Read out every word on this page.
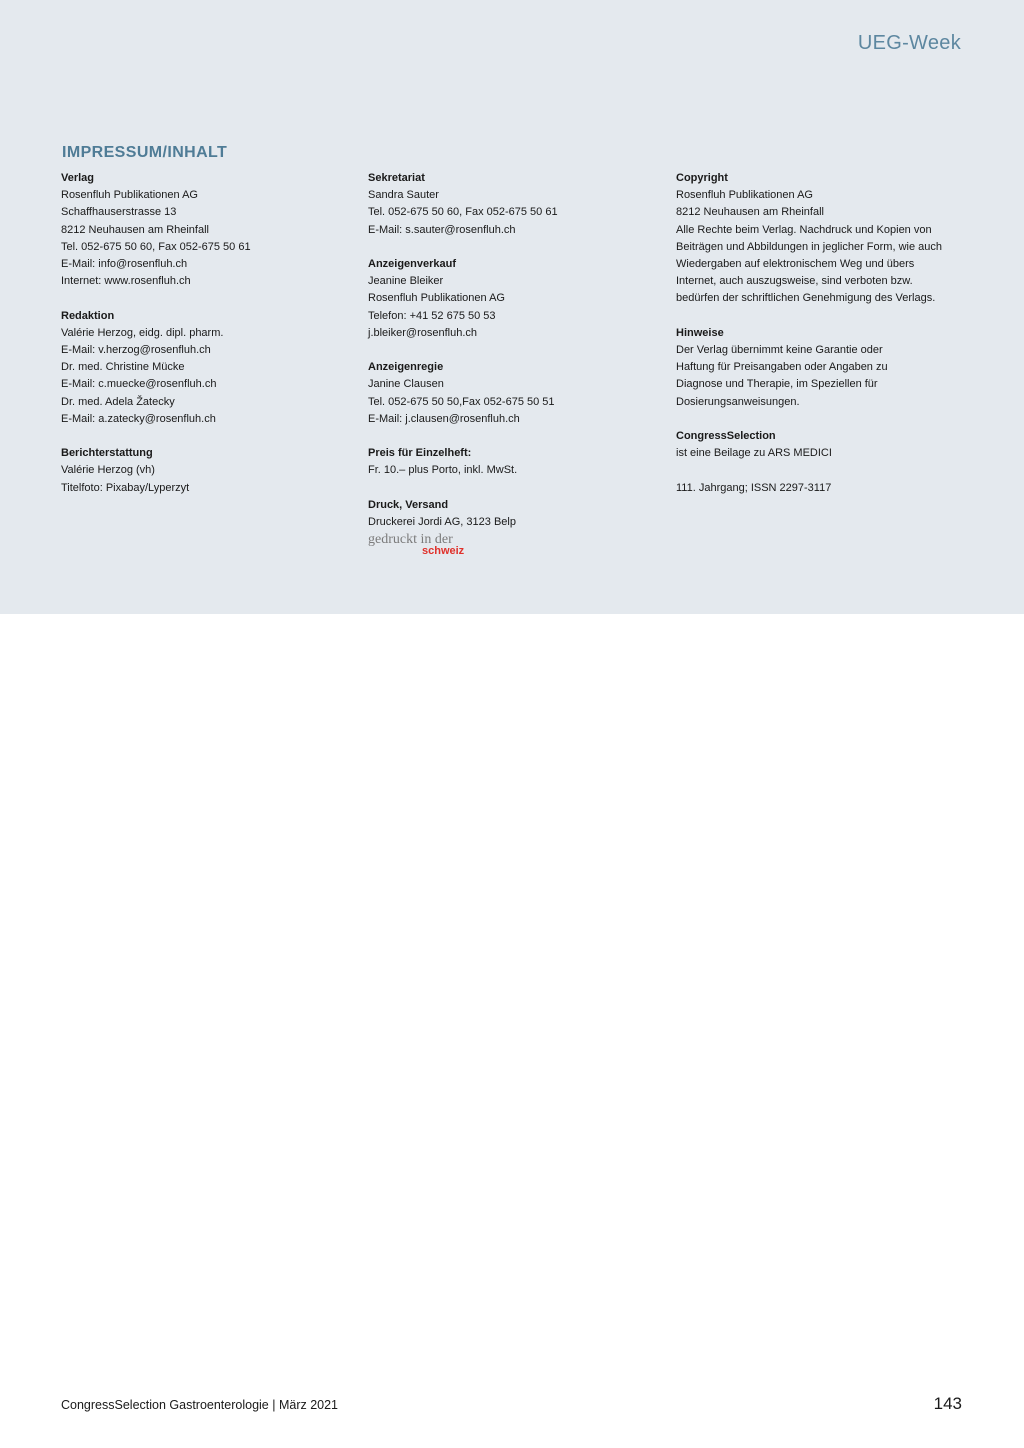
UEG-Week
IMPRESSUM/INHALT
Verlag
Rosenfluh Publikationen AG
Schaffhauserstrasse 13
8212 Neuhausen am Rheinfall
Tel. 052-675 50 60, Fax 052-675 50 61
E-Mail: info@rosenfluh.ch
Internet: www.rosenfluh.ch
Redaktion
Valérie Herzog, eidg. dipl. pharm.
E-Mail: v.herzog@rosenfluh.ch
Dr. med. Christine Mücke
E-Mail: c.muecke@rosenfluh.ch
Dr. med. Adela Žatecky
E-Mail: a.zatecky@rosenfluh.ch
Berichterstattung
Valérie Herzog (vh)
Titelfoto: Pixabay/Lyperzyt
Sekretariat
Sandra Sauter
Tel. 052-675 50 60, Fax 052-675 50 61
E-Mail: s.sauter@rosenfluh.ch
Anzeigenverkauf
Jeanine Bleiker
Rosenfluh Publikationen AG
Telefon: +41 52 675 50 53
j.bleiker@rosenfluh.ch
Anzeigenregie
Janine Clausen
Tel. 052-675 50 50,Fax 052-675 50 51
E-Mail: j.clausen@rosenfluh.ch
Preis für Einzelheft:
Fr. 10.– plus Porto, inkl. MwSt.
Druck, Versand
Druckerei Jordi AG, 3123 Belp
gedruckt in der
schweiz
Copyright
Rosenfluh Publikationen AG
8212 Neuhausen am Rheinfall
Alle Rechte beim Verlag. Nachdruck und Kopien von
Beiträgen und Abbildungen in jeglicher Form, wie auch
Wiedergaben auf elektronischem Weg und übers
Internet, auch auszugsweise, sind verboten bzw.
bedürfen der schriftlichen Genehmigung des Verlags.
Hinweise
Der Verlag übernimmt keine Garantie oder
Haftung für Preisangaben oder Angaben zu
Diagnose und Therapie, im Speziellen für
Dosierungsanweisungen.
CongressSelection
ist eine Beilage zu ARS MEDICI
111. Jahrgang; ISSN 2297-3117
CongressSelection Gastroenterologie | März 2021	143
